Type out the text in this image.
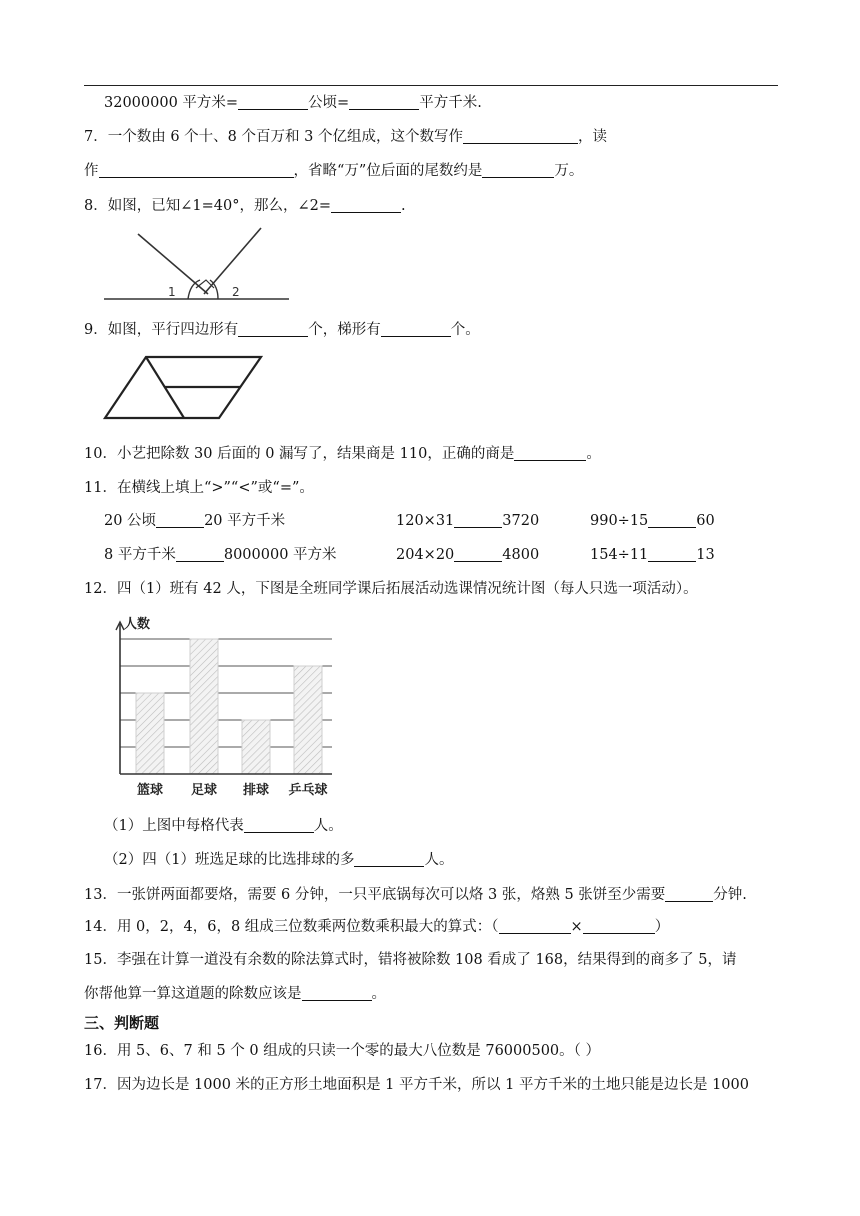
32000000 平方米=	公顷=	平方千米.
7．一个数由 6 个十、8 个百万和 3 个亿组成，这个数写作	，读
作	，省略“万”位后面的尾数约是	万。
8．如图，已知∠1=40°，那么，∠2=	.
1	2
9．如图，平行四边形有	个，梯形有	个。
10．小艺把除数 30 后面的 0 漏写了，结果商是 110，正确的商是	。
11．在横线上填上“>”“<”或“=”。
20 公顷	20 平方千米	120×31	3720	990÷15	60
8 平方千米	8000000 平方米	204×20	4800	154÷11	13
12．四（1）班有 42 人，下图是全班同学课后拓展活动选课情况统计图（每人只选一项活动）。
人数
篮球 足球 排球 乒乓球
（1）上图中每格代表	人。
（2）四（1）班选足球的比选排球的多	人。
13．一张饼两面都要烙，需要 6 分钟，一只平底锅每次可以烙 3 张，烙熟 5 张饼至少需要	分钟.
14．用 0，2，4，6，8 组成三位数乘两位数乘积最大的算式：（	×	）
15．李强在计算一道没有余数的除法算式时，错将被除数 108 看成了 168，结果得到的商多了 5，请
你帮他算一算这道题的除数应该是	。
三、判断题
16．用 5、6、7 和 5 个 0 组成的只读一个零的最大八位数是 76000500。（ ）
17．因为边长是 1000 米的正方形土地面积是 1 平方千米，所以 1 平方千米的土地只能是边长是 1000
